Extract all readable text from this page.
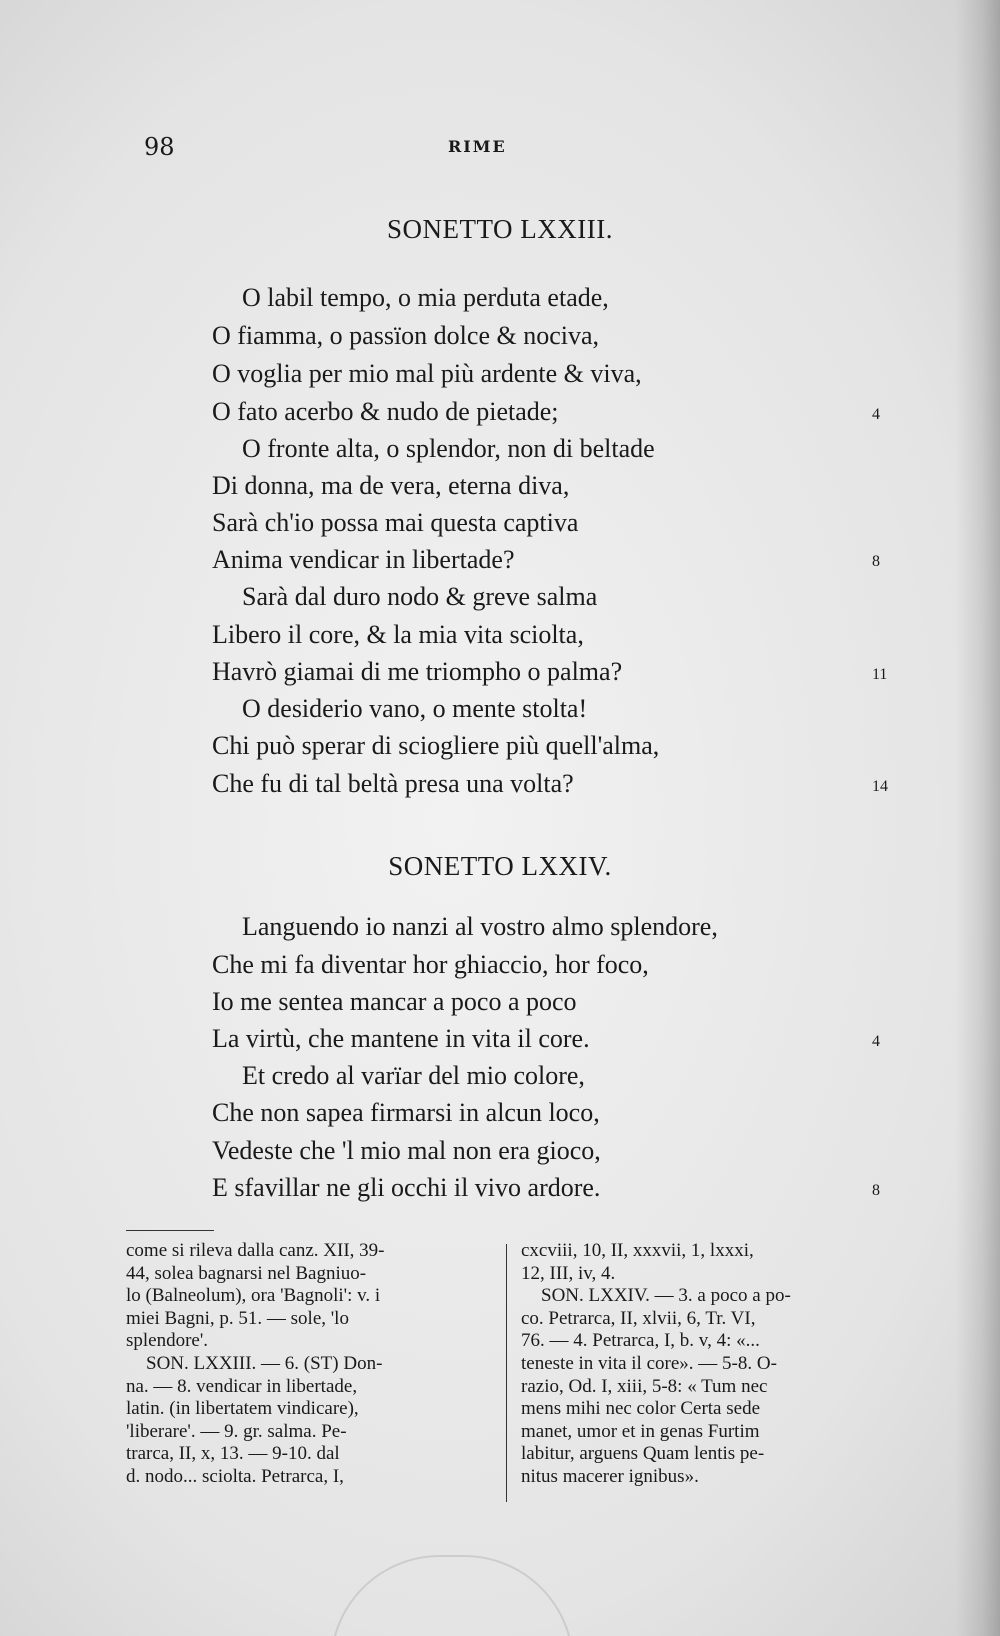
98	RIME
SONETTO LXXIII.
O labil tempo, o mia perduta etade,
O fiamma, o passïon dolce & nociva,
O voglia per mio mal più ardente & viva,
O fato acerbo & nudo de pietade;	4
O fronte alta, o splendor, non di beltade
Di donna, ma de vera, eterna diva,
Sarà ch'io possa mai questa captiva
Anima vendicar in libertade?	8
Sarà dal duro nodo & greve salma
Libero il core, & la mia vita sciolta,
Havrò giamai di me triompho o palma?	11
O desiderio vano, o mente stolta!
Chi può sperar di sciogliere più quell'alma,
Che fu di tal beltà presa una volta?	14
SONETTO LXXIV.
Languendo io nanzi al vostro almo splendore,
Che mi fa diventar hor ghiaccio, hor foco,
Io me sentea mancar a poco a poco
La virtù, che mantene in vita il core.	4
Et credo al varïar del mio colore,
Che non sapea firmarsi in alcun loco,
Vedeste che 'l mio mal non era gioco,
E sfavillar ne gli occhi il vivo ardore.	8

come si rileva dalla canz. XII, 39-

44, solea bagnarsi nel Bagniuo-

lo (Balneolum), ora 'Bagnoli': v. i

miei Bagni, p. 51. — sole, 'lo

splendore'.

SON. LXXIII. — 6. (ST) Don-

na. — 8. vendicar in libertade,

latin. (in libertatem vindicare),

'liberare'. — 9. gr. salma. Pe-

trarca, II, x, 13. — 9-10. dal

d. nodo... sciolta. Petrarca, I,

cxcviii, 10, II, xxxvii, 1, lxxxi,

12, III, iv, 4.

SON. LXXIV. — 3. a poco a po-

co. Petrarca, II, xlvii, 6, Tr. VI,

76. — 4. Petrarca, I, b. v, 4: «...

teneste in vita il core». — 5-8. O-

razio, Od. I, xiii, 5-8: « Tum nec

mens mihi nec color Certa sede

manet, umor et in genas Furtim

labitur, arguens Quam lentis pe-

nitus macerer ignibus».
